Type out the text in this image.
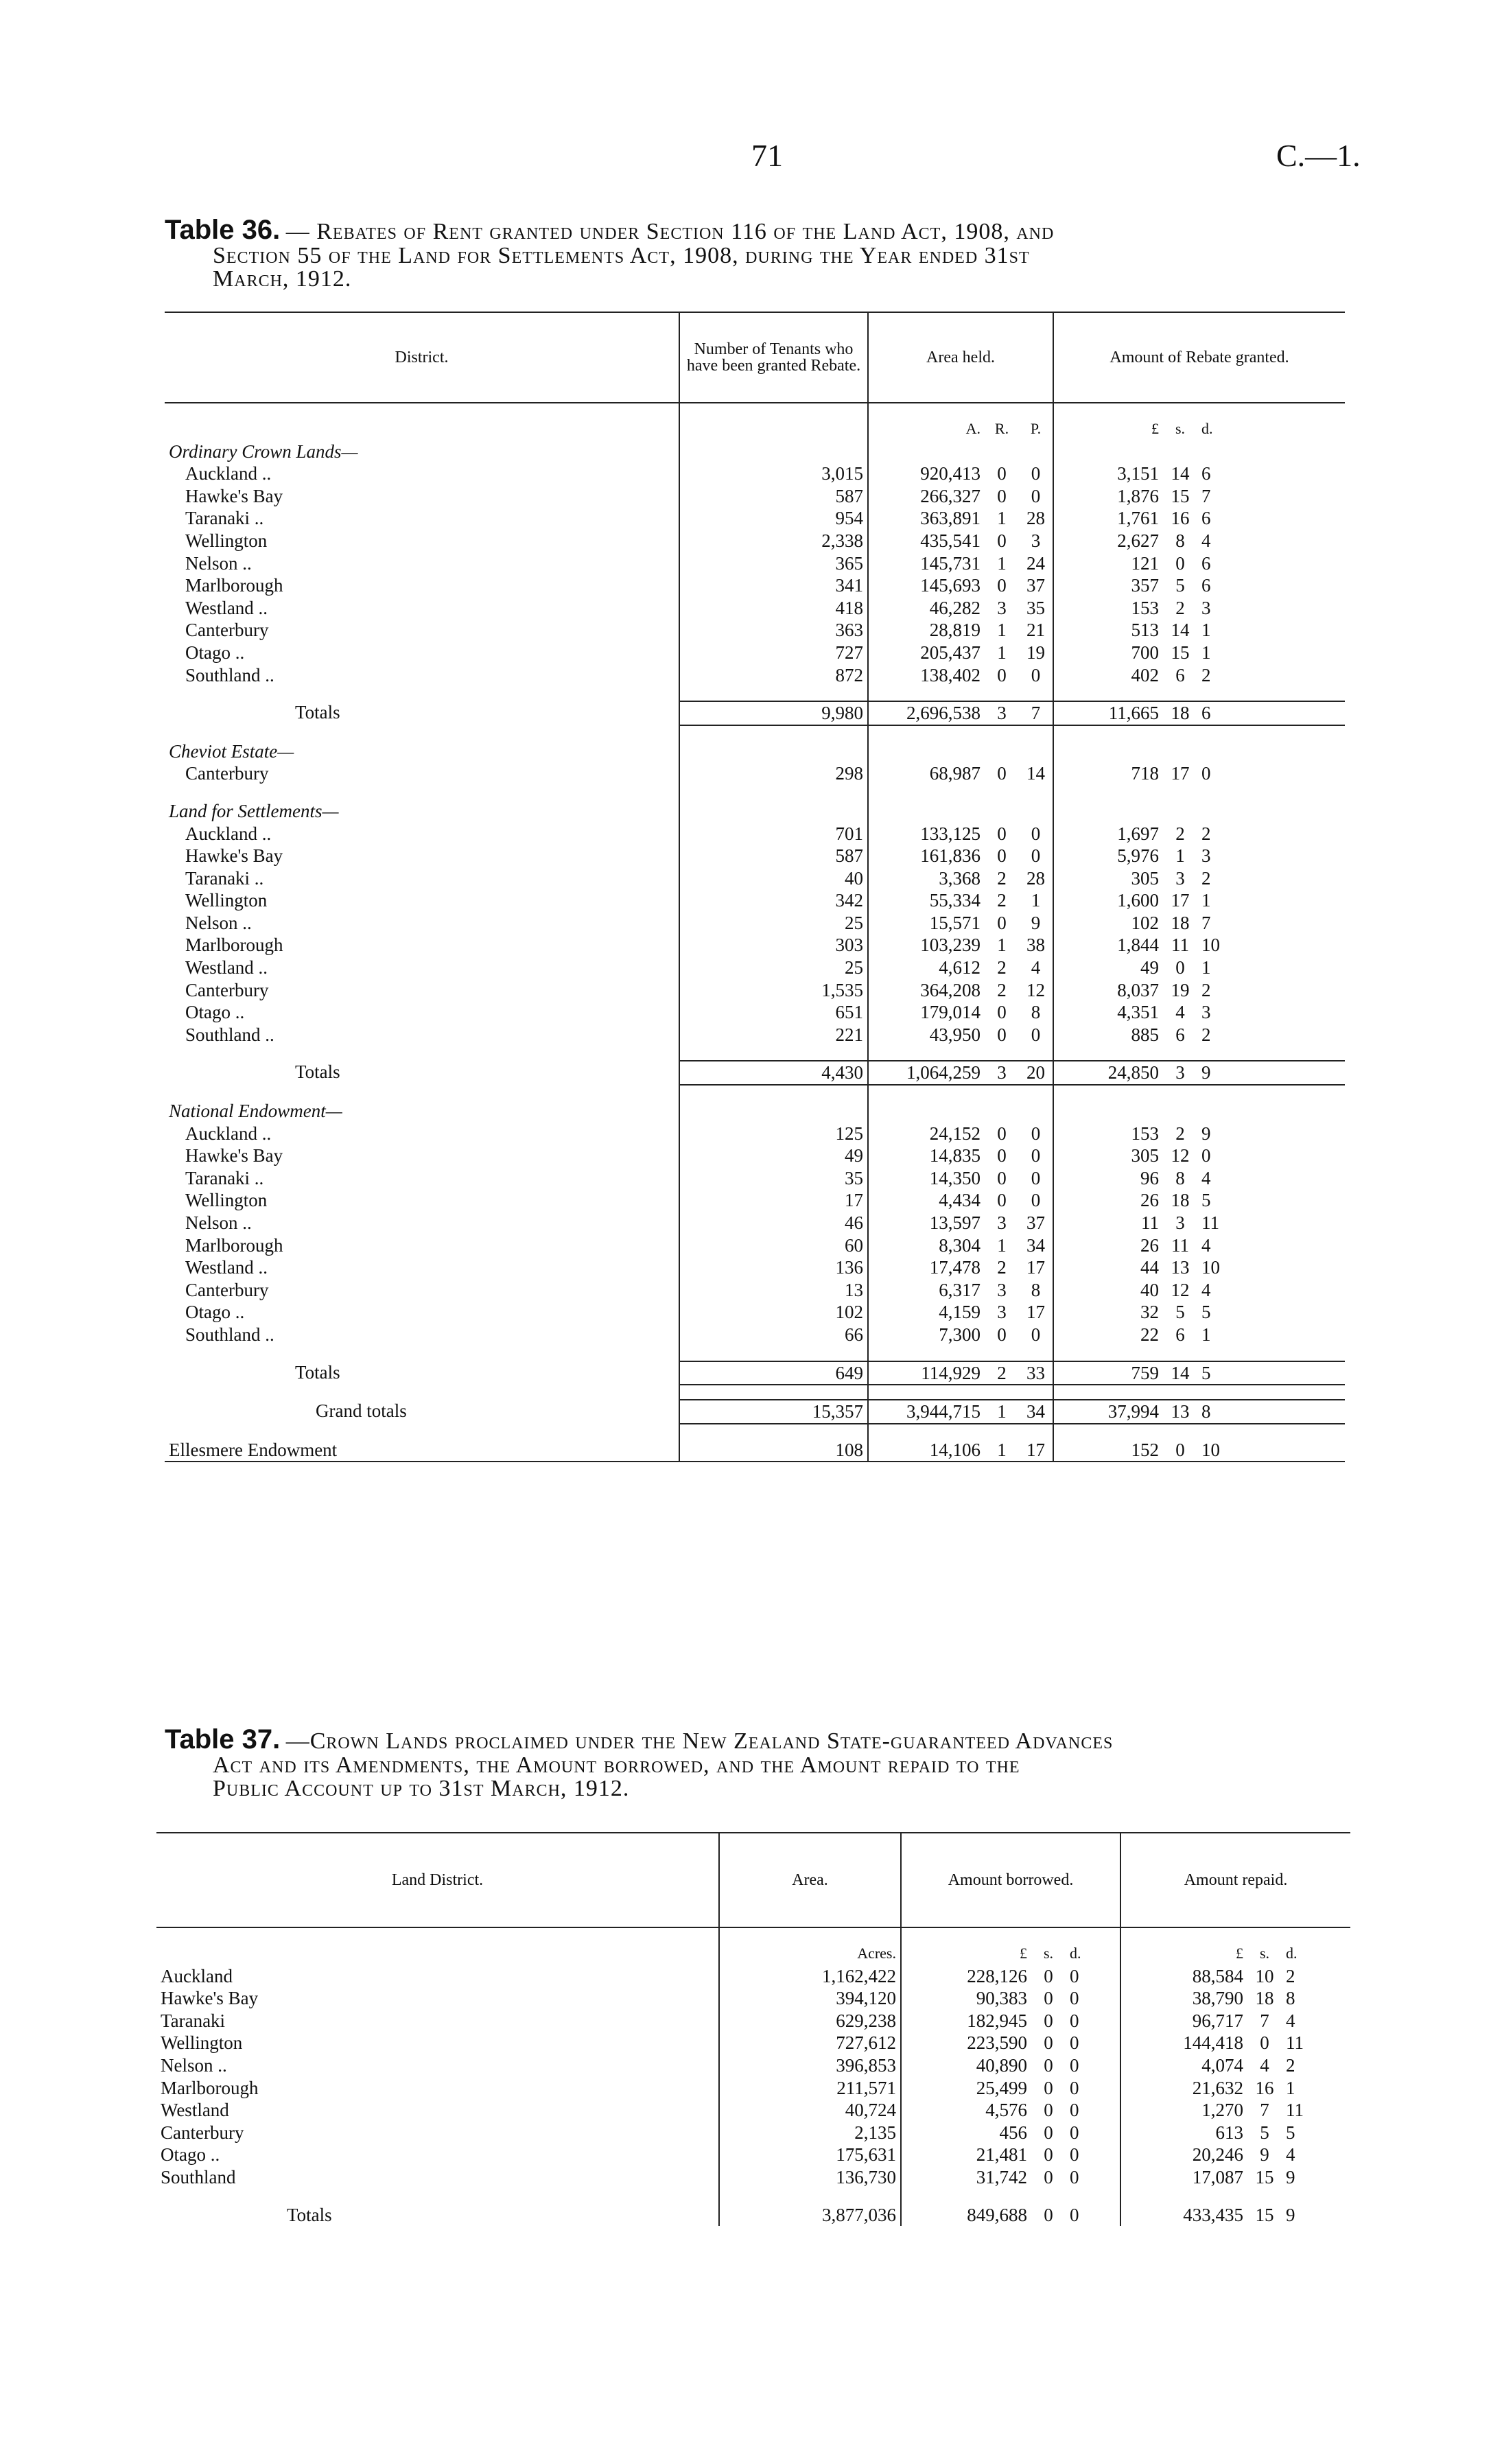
71	C.—1.
Table 36. — Rebates of Rent granted under Section 116 of the Land Act, 1908, and
Section 55 of the Land for Settlements Act, 1908, during the Year ended 31st
March, 1912.
District.	Number of Tenants who have been granted Rebate.	Area held.			Amount of Rebate granted.		

		A.	R.	P.	£	s.	d.
Ordinary Crown Lands—							
Auckland ..	3,015	920,413	0	0	3,151	14	6
Hawke's Bay	587	266,327	0	0	1,876	15	7
Taranaki ..	954	363,891	1	28	1,761	16	6
Wellington	2,338	435,541	0	3	2,627	8	4
Nelson ..	365	145,731	1	24	121	0	6
Marlborough	341	145,693	0	37	357	5	6
Westland ..	418	46,282	3	35	153	2	3
Canterbury	363	28,819	1	21	513	14	1
Otago ..	727	205,437	1	19	700	15	1
Southland ..	872	138,402	0	0	402	6	2

Totals	9,980	2,696,538	3	7	11,665	18	6

Cheviot Estate—							
Canterbury	298	68,987	0	14	718	17	0

Land for Settlements—							
Auckland ..	701	133,125	0	0	1,697	2	2
Hawke's Bay	587	161,836	0	0	5,976	1	3
Taranaki ..	40	3,368	2	28	305	3	2
Wellington	342	55,334	2	1	1,600	17	1
Nelson ..	25	15,571	0	9	102	18	7
Marlborough	303	103,239	1	38	1,844	11	10
Westland ..	25	4,612	2	4	49	0	1
Canterbury	1,535	364,208	2	12	8,037	19	2
Otago ..	651	179,014	0	8	4,351	4	3
Southland ..	221	43,950	0	0	885	6	2

Totals	4,430	1,064,259	3	20	24,850	3	9

National Endowment—							
Auckland ..	125	24,152	0	0	153	2	9
Hawke's Bay	49	14,835	0	0	305	12	0
Taranaki ..	35	14,350	0	0	96	8	4
Wellington	17	4,434	0	0	26	18	5
Nelson ..	46	13,597	3	37	11	3	11
Marlborough	60	8,304	1	34	26	11	4
Westland ..	136	17,478	2	17	44	13	10
Canterbury	13	6,317	3	8	40	12	4
Otago ..	102	4,159	3	17	32	5	5
Southland ..	66	7,300	0	0	22	6	1

Totals	649	114,929	2	33	759	14	5

Grand totals	15,357	3,944,715	1	34	37,994	13	8

Ellesmere Endowment	108	14,106	1	17	152	0	10
Table 37. —Crown Lands proclaimed under the New Zealand State-guaranteed Advances
Act and its Amendments, the Amount borrowed, and the Amount repaid to the
Public Account up to 31st March, 1912.
Land District.	Area.	Amount borrowed.			Amount repaid.		

	Acres.	£	s.	d.	£	s.	d.
Auckland	1,162,422	228,126	0	0	88,584	10	2
Hawke's Bay	394,120	90,383	0	0	38,790	18	8
Taranaki	629,238	182,945	0	0	96,717	7	4
Wellington	727,612	223,590	0	0	144,418	0	11
Nelson ..	396,853	40,890	0	0	4,074	4	2
Marlborough	211,571	25,499	0	0	21,632	16	1
Westland	40,724	4,576	0	0	1,270	7	11
Canterbury	2,135	456	0	0	613	5	5
Otago ..	175,631	21,481	0	0	20,246	9	4
Southland	136,730	31,742	0	0	17,087	15	9

Totals	3,877,036	849,688	0	0	433,435	15	9
